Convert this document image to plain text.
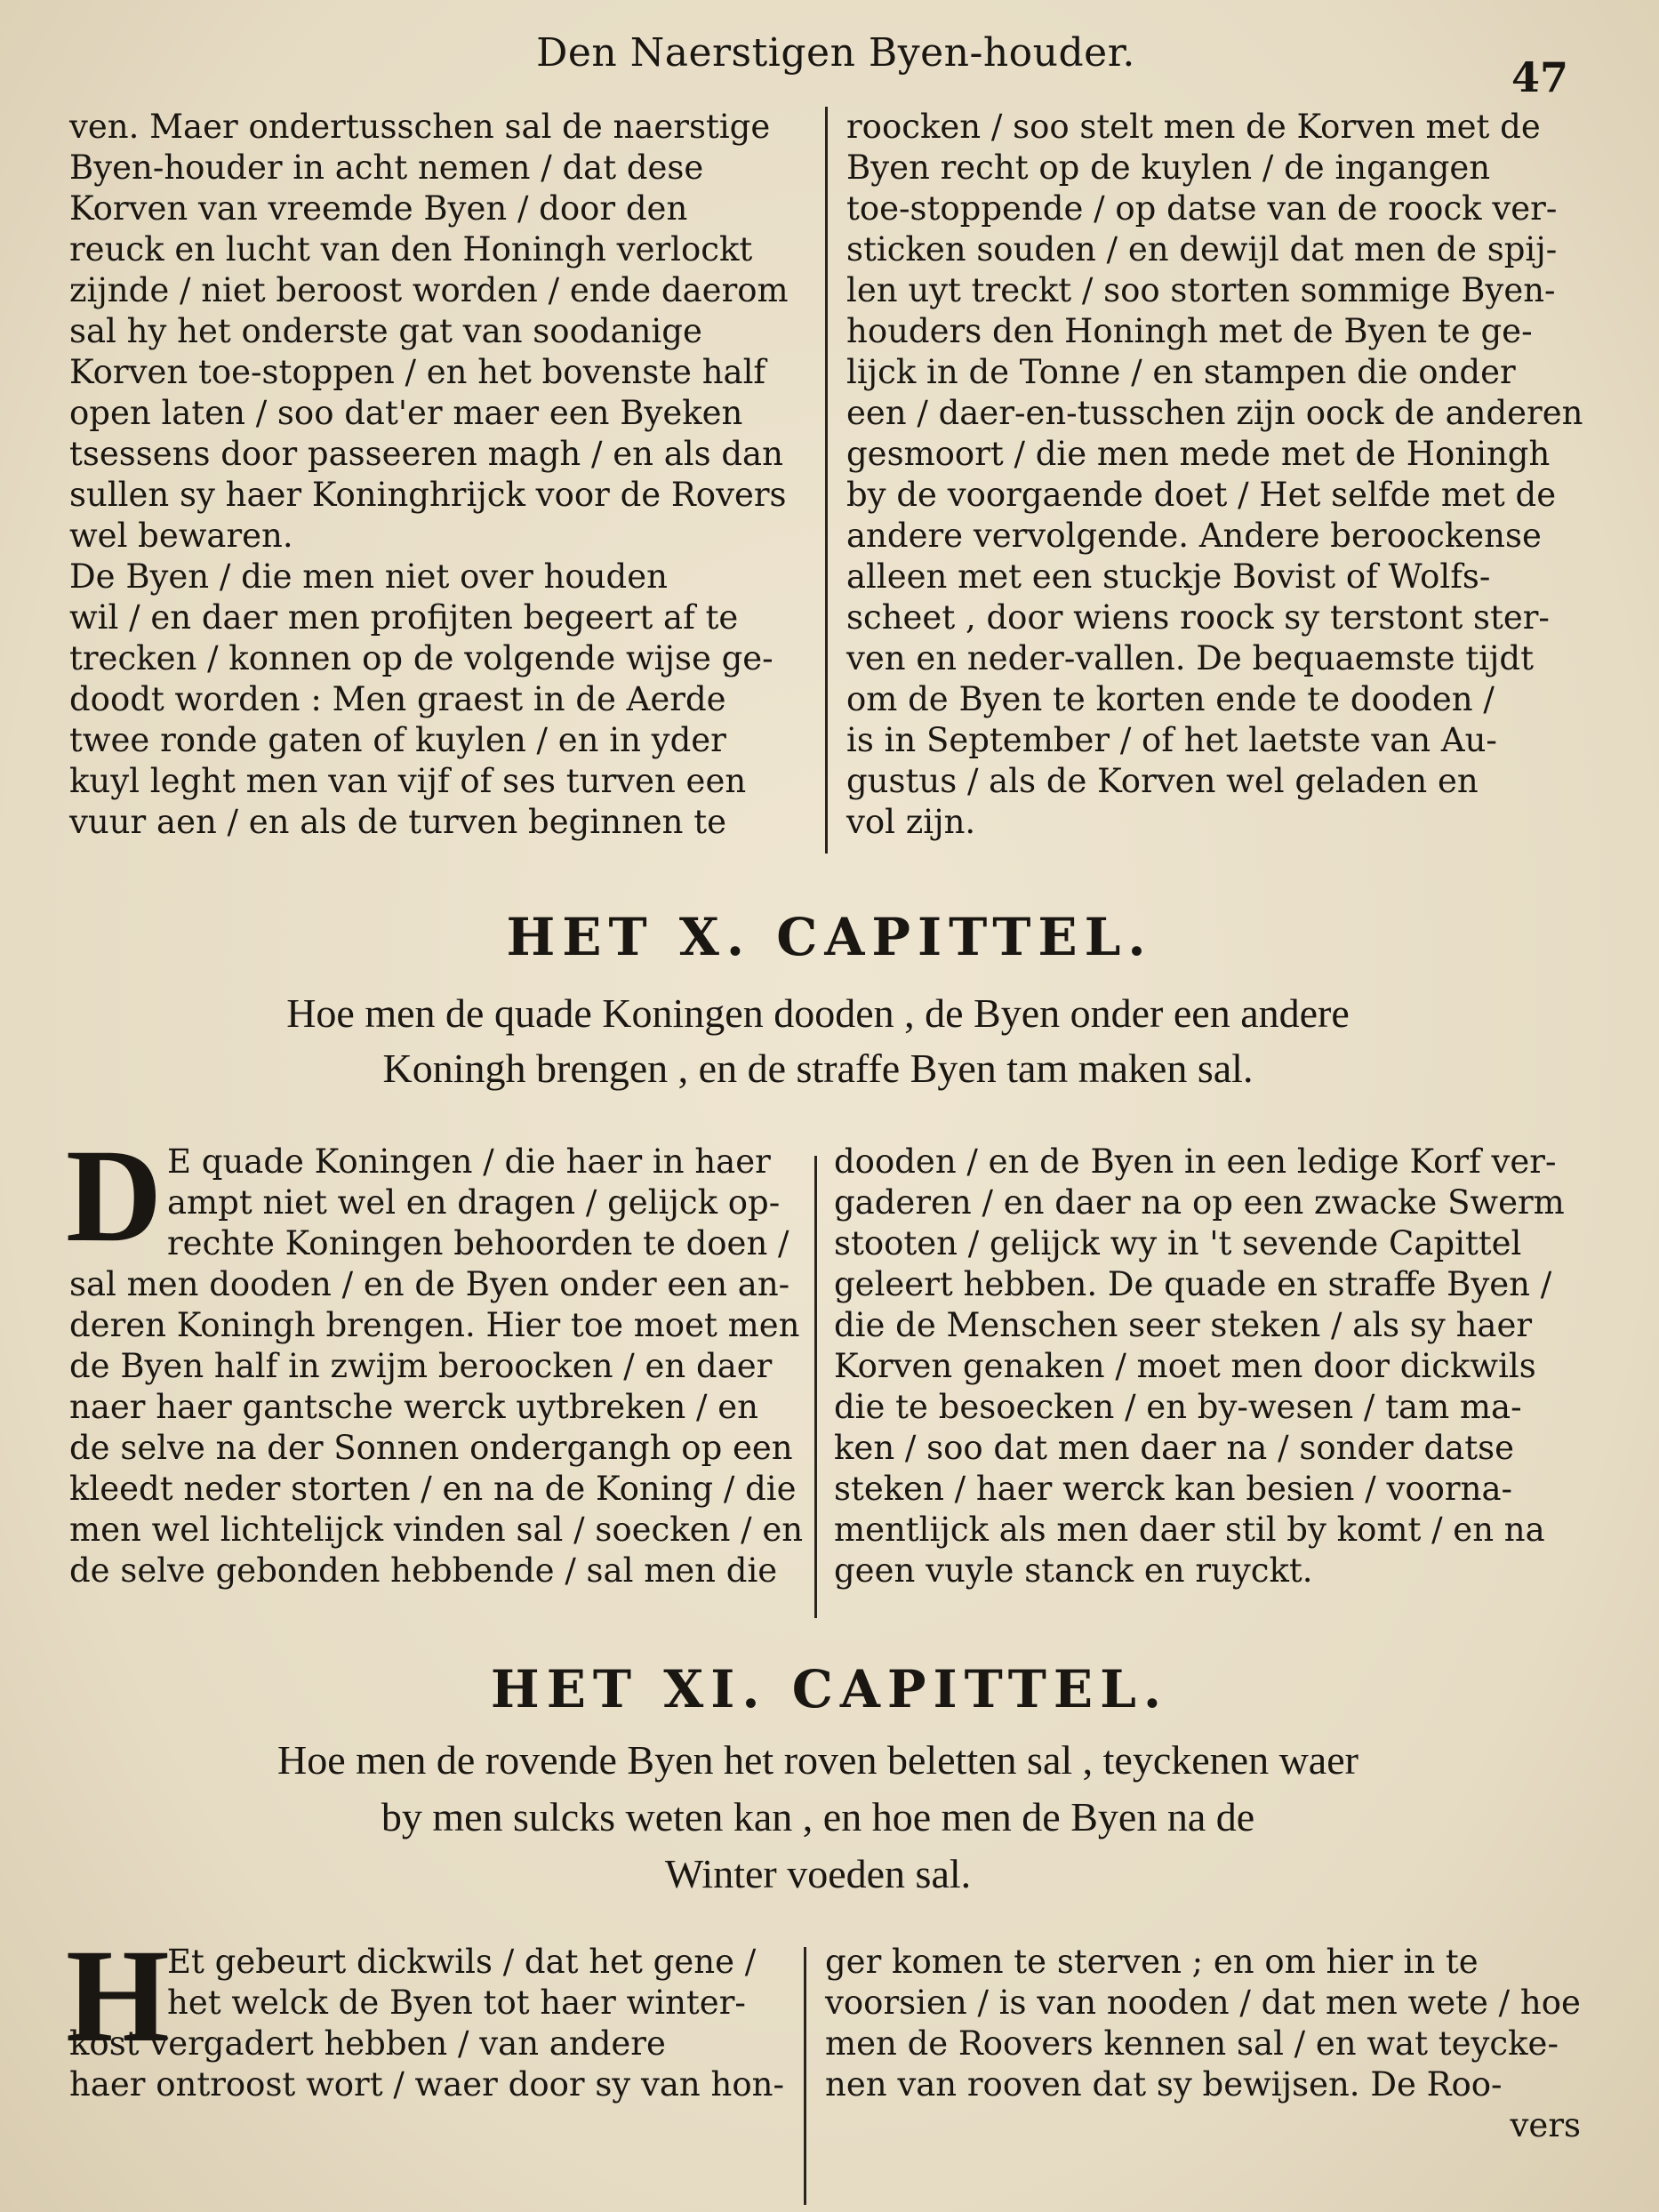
Den Naerstigen Byen-houder.
47
ven. Maer ondertusschen sal de naerstige
Byen-houder in acht nemen / dat dese
Korven van vreemde Byen / door den
reuck en lucht van den Honingh verlockt
zijnde / niet beroost worden / ende daerom
sal hy het onderste gat van soodanige
Korven toe-stoppen / en het bovenste half
open laten / soo dat'er maer een Byeken
tsessens door passeeren magh / en als dan
sullen sy haer Koninghrijck voor de Rovers
wel bewaren.
De Byen / die men niet over houden
wil / en daer men profijten begeert af te
trecken / konnen op de volgende wijse ge-
doodt worden : Men graest in de Aerde
twee ronde gaten of kuylen / en in yder
kuyl leght men van vijf of ses turven een
vuur aen / en als de turven beginnen te
roocken / soo stelt men de Korven met de
Byen recht op de kuylen / de ingangen
toe-stoppende / op datse van de roock ver-
sticken souden / en dewijl dat men de spij-
len uyt treckt / soo storten sommige Byen-
houders den Honingh met de Byen te ge-
lijck in de Tonne / en stampen die onder
een / daer-en-tusschen zijn oock de anderen
gesmoort / die men mede met de Honingh
by de voorgaende doet / Het selfde met de
andere vervolgende. Andere beroockense
alleen met een stuckje Bovist of Wolfs-
scheet , door wiens roock sy terstont ster-
ven en neder-vallen. De bequaemste tijdt
om de Byen te korten ende te dooden /
is in September / of het laetste van Au-
gustus / als de Korven wel geladen en
vol zijn.
HET X. CAPITTEL.
Hoe men de quade Koningen dooden , de Byen onder een andere
Koningh brengen , en de straffe Byen tam maken sal.
D E quade Koningen / die haer in haer
ampt niet wel en dragen / gelijck op-
rechte Koningen behoorden te doen /
sal men dooden / en de Byen onder een an-
deren Koningh brengen. Hier toe moet men
de Byen half in zwijm beroocken / en daer
naer haer gantsche werck uytbreken / en
de selve na der Sonnen ondergangh op een
kleedt neder storten / en na de Koning / die
men wel lichtelijck vinden sal / soecken / en
de selve gebonden hebbende / sal men die
dooden / en de Byen in een ledige Korf ver-
gaderen / en daer na op een zwacke Swerm
stooten / gelijck wy in 't sevende Capittel
geleert hebben. De quade en straffe Byen /
die de Menschen seer steken / als sy haer
Korven genaken / moet men door dickwils
die te besoecken / en by-wesen / tam ma-
ken / soo dat men daer na / sonder datse
steken / haer werck kan besien / voorna-
mentlijck als men daer stil by komt / en na
geen vuyle stanck en ruyckt.
HET XI. CAPITTEL.
Hoe men de rovende Byen het roven beletten sal , teyckenen waer
by men sulcks weten kan , en hoe men de Byen na de
Winter voeden sal.
H
Et gebeurt dickwils / dat het gene /
het welck de Byen tot haer winter-
kost vergadert hebben / van andere
haer ontroost wort / waer door sy van hon-
ger komen te sterven ; en om hier in te
voorsien / is van nooden / dat men wete / hoe
men de Roovers kennen sal / en wat teycke-
nen van rooven dat sy bewijsen. De Roo-
vers
